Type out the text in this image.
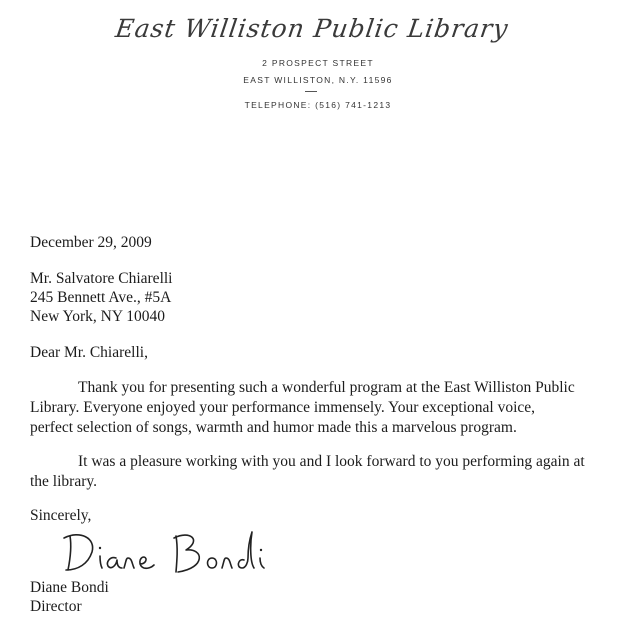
East Williston Public Library
2 PROSPECT STREET
EAST WILLISTON, N.Y. 11596
TELEPHONE: (516) 741-1213
December 29, 2009
Mr. Salvatore Chiarelli
245 Bennett Ave., #5A
New York, NY 10040
Dear Mr. Chiarelli,
Thank you for presenting such a wonderful program at the East Williston Public
Library. Everyone enjoyed your performance immensely. Your exceptional voice,
perfect selection of songs, warmth and humor made this a marvelous program.
It was a pleasure working with you and I look forward to you performing again at
the library.
Sincerely,
Diane Bondi
Director
